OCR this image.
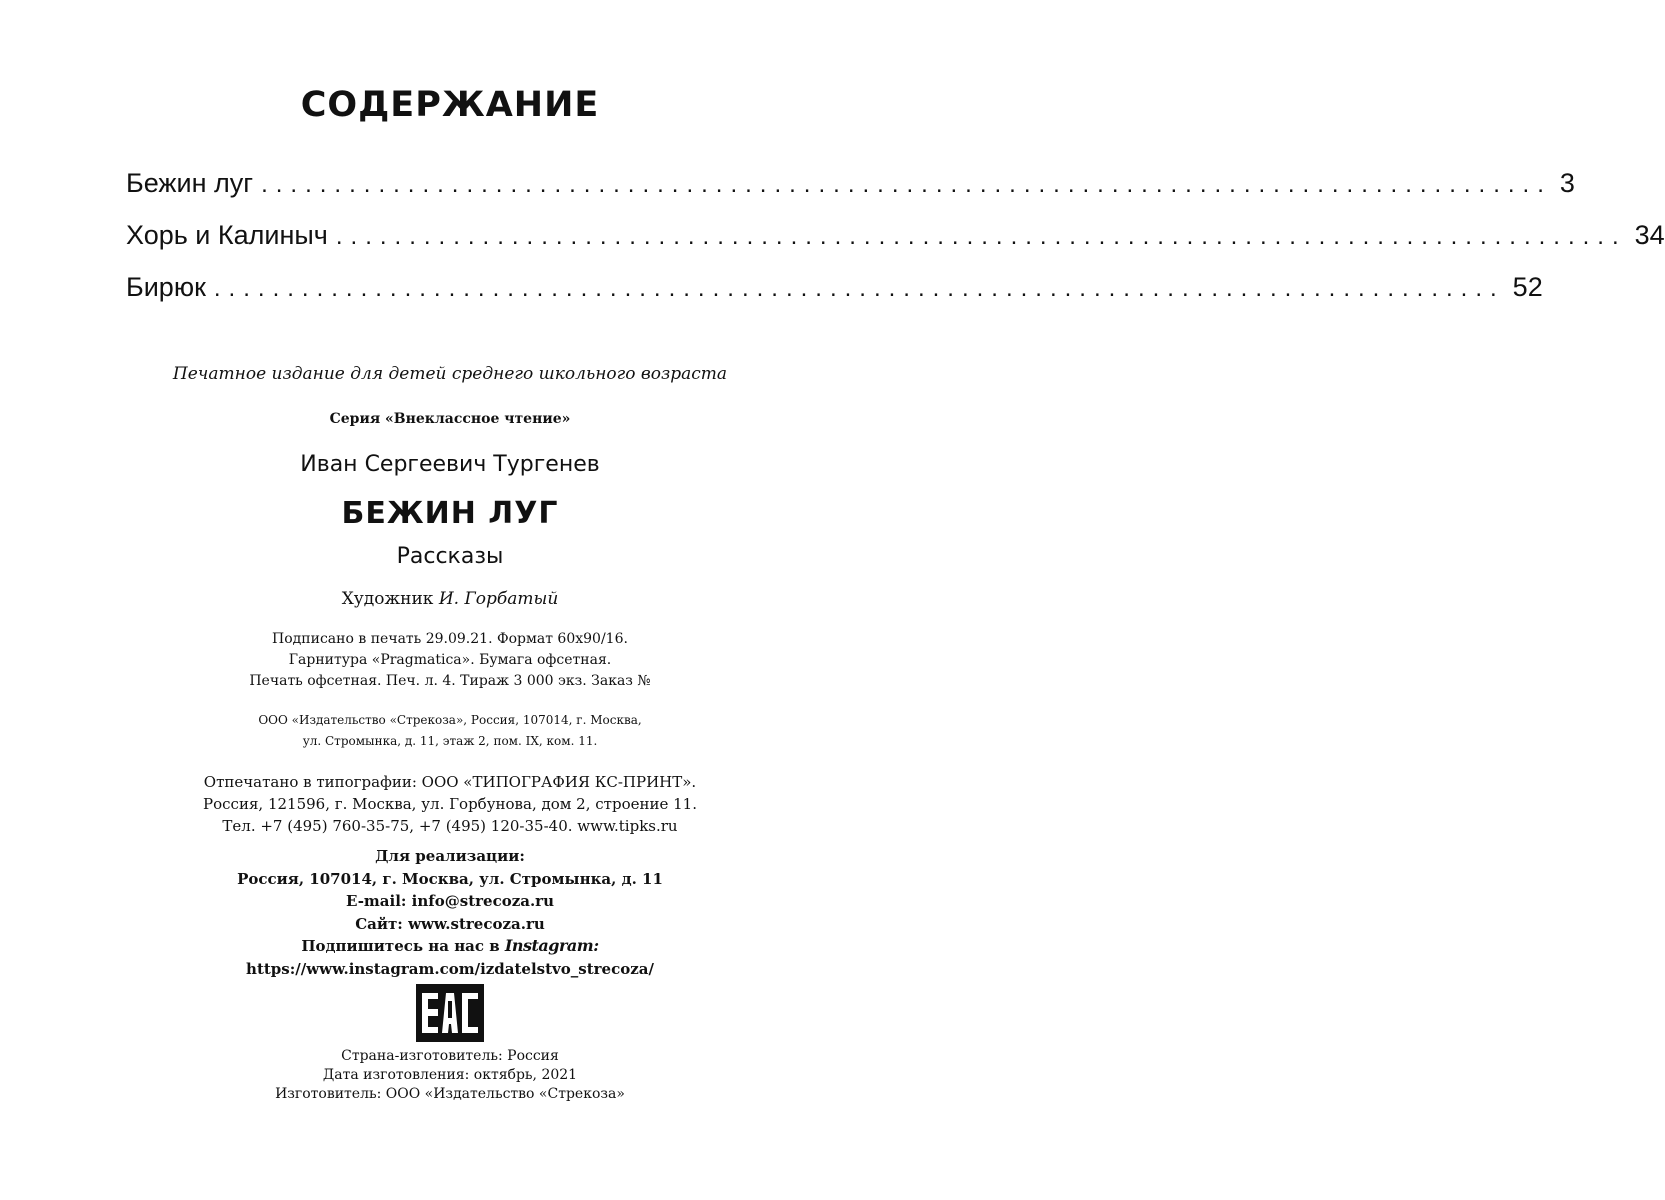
СОДЕРЖАНИЕ
Бежин луг ........................................................................................ 3
Хорь и Калиныч ........................................................................................ 34
Бирюк ........................................................................................ 52
Печатное издание для детей среднего школьного возраста
Серия «Внеклассное чтение»
Иван Сергеевич Тургенев
БЕЖИН ЛУГ
Рассказы
Художник И. Горбатый
Подписано в печать 29.09.21. Формат 60х90/16.
Гарнитура «Pragmatica». Бумага офсетная.
Печать офсетная. Печ. л. 4. Тираж 3 000 экз. Заказ №
ООО «Издательство «Стрекоза», Россия, 107014, г. Москва,
ул. Стромынка, д. 11, этаж 2, пом. IX, ком. 11.
Отпечатано в типографии: ООО «ТИПОГРАФИЯ КС-ПРИНТ».
Россия, 121596, г. Москва, ул. Горбунова, дом 2, строение 11.
Тел. +7 (495) 760-35-75, +7 (495) 120-35-40. www.tipks.ru
Для реализации:
Россия, 107014, г. Москва, ул. Стромынка, д. 11
E-mail: info@strecoza.ru
Сайт: www.strecoza.ru
Подпишитесь на нас в Instagram:
https://www.instagram.com/izdatelstvo_strecoza/
Страна-изготовитель: Россия
Дата изготовления: октябрь, 2021
Изготовитель: ООО «Издательство «Стрекоза»
